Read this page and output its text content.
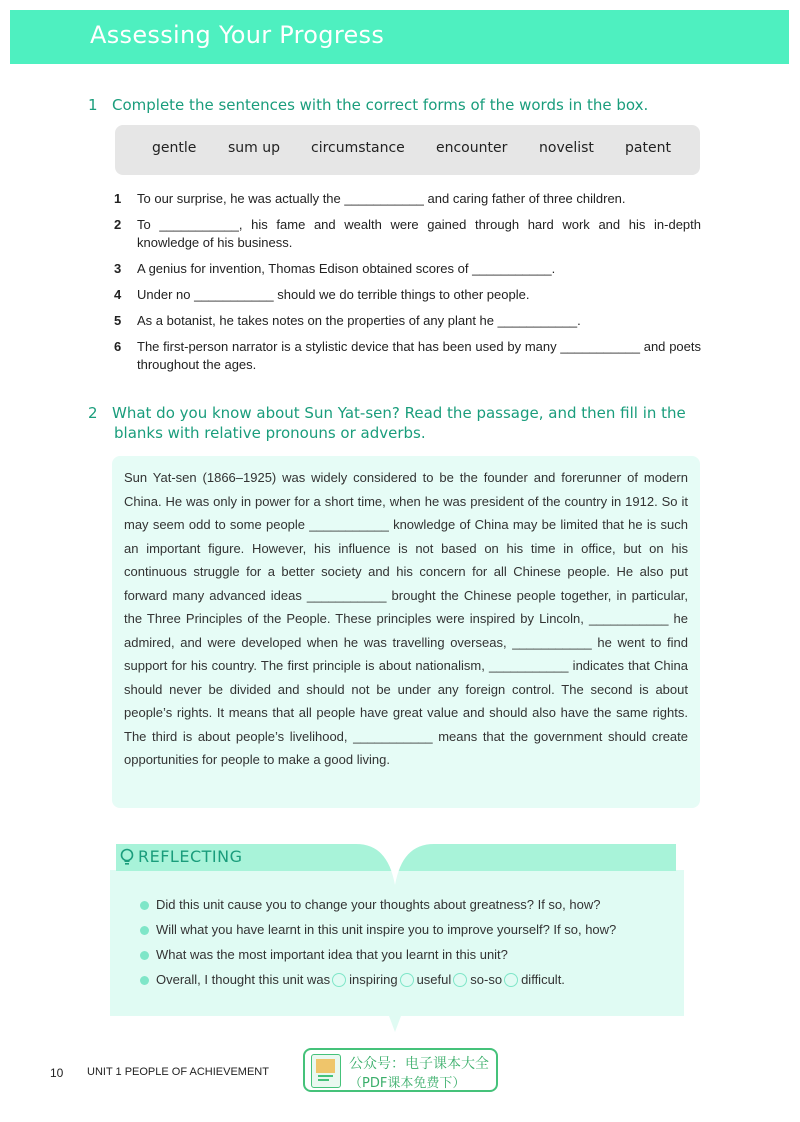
Assessing Your Progress
1 Complete the sentences with the correct forms of the words in the box.
gentle sum up circumstance encounter novelist patent
1 To our surprise, he was actually the ___________ and caring father of three children.
2 To ___________, his fame and wealth were gained through hard work and his in-depth knowledge of his business.
3 A genius for invention, Thomas Edison obtained scores of ___________.
4 Under no ___________ should we do terrible things to other people.
5 As a botanist, he takes notes on the properties of any plant he ___________.
6 The first-person narrator is a stylistic device that has been used by many ___________ and poets throughout the ages.
2 What do you know about Sun Yat-sen? Read the passage, and then fill in the
blanks with relative pronouns or adverbs.

Sun Yat-sen (1866–1925) was widely considered to be the founder and forerunner of modern China. He was only in power for a short time, when he was president of the country in 1912. So it may seem odd to some people ___________ knowledge of China may be limited that he is such an important figure. However, his influence is not based on his time in office, but on his continuous struggle for a better society and his concern for all Chinese people. He also put forward many advanced ideas ___________ brought the Chinese people together, in particular, the Three Principles of the People. These principles were inspired by Lincoln, ___________ he admired, and were developed when he was travelling overseas, ___________ he went to find support for his country. The first principle is about nationalism, ___________ indicates that China should never be divided and should not be under any foreign control. The second is about people’s rights. It means that all people have great value and should also have the same rights. The third is about people’s livelihood, ___________ means that the government should create opportunities for people to make a good living.

REFLECTING
Did this unit cause you to change your thoughts about greatness? If so, how?
Will what you have learnt in this unit inspire you to improve yourself? If so, how?
What was the most important idea that you learnt in this unit?
Overall, I thought this unit was inspiring useful so-so difficult.
10 UNIT 1 PEOPLE OF ACHIEVEMENT	公众号：电子课本大全
（PDF课本免费下）
